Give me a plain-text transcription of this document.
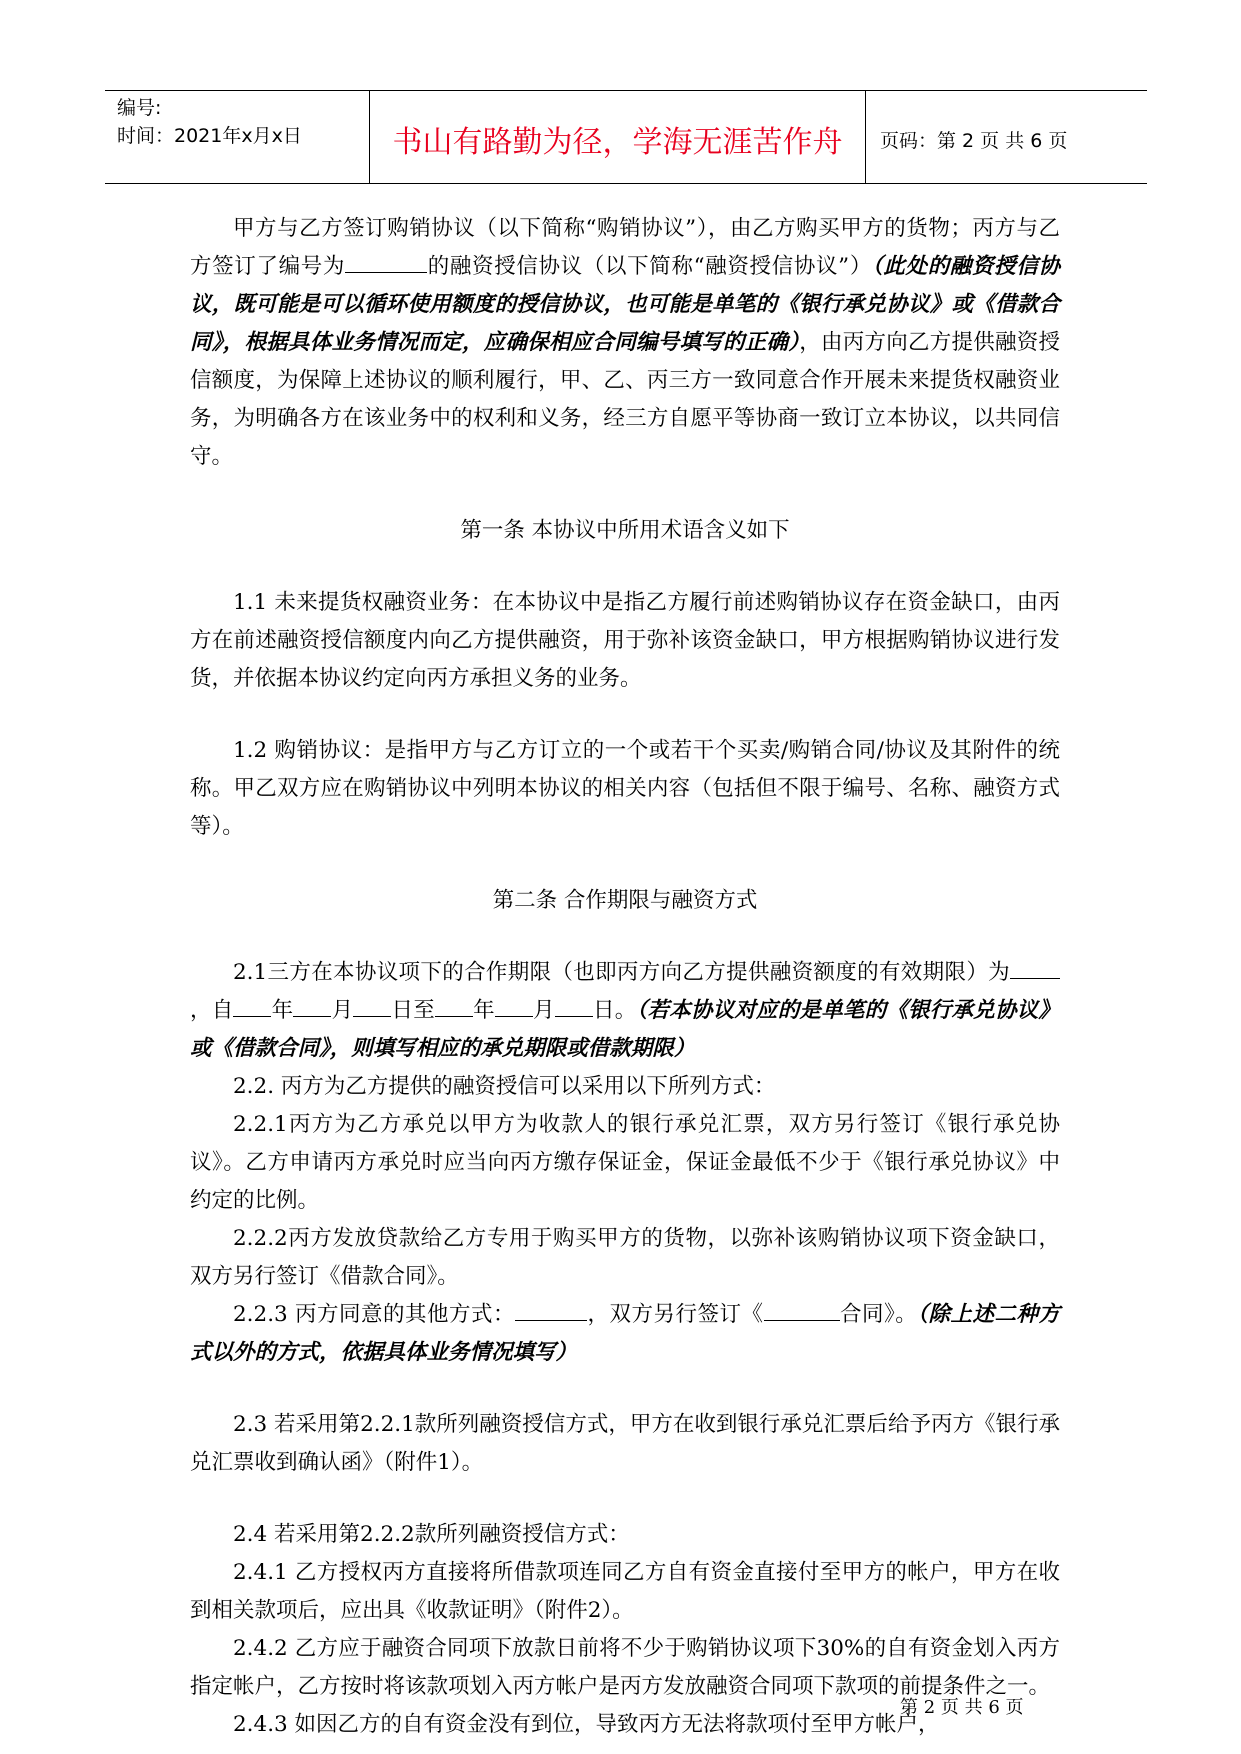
编号:
时间：2021年x月x日	书山有路勤为径，学海无涯苦作舟	页码：第 2 页 共 6 页

甲方与乙方签订购销协议（以下简称“购销协议”），由乙方购买甲方的货物；丙方与乙方签订了编号为	的融资授信协议（以下简称“融资授信协议”）（此处的融资授信协议，既可能是可以循环使用额度的授信协议，也可能是单笔的《银行承兑协议》或《借款合同》，根据具体业务情况而定，应确保相应合同编号填写的正确），由丙方向乙方提供融资授信额度，为保障上述协议的顺利履行，甲、乙、丙三方一致同意合作开展未来提货权融资业务，为明确各方在该业务中的权利和义务，经三方自愿平等协商一致订立本协议，以共同信守。

第一条 本协议中所用术语含义如下

1.1 未来提货权融资业务：在本协议中是指乙方履行前述购销协议存在资金缺口，由丙方在前述融资授信额度内向乙方提供融资，用于弥补该资金缺口，甲方根据购销协议进行发货，并依据本协议约定向丙方承担义务的业务。

1.2 购销协议：是指甲方与乙方订立的一个或若干个买卖/购销合同/协议及其附件的统称。甲乙双方应在购销协议中列明本协议的相关内容（包括但不限于编号、名称、融资方式等）。

第二条 合作期限与融资方式

2.1三方在本协议项下的合作期限（也即丙方向乙方提供融资额度的有效期限）为，自 年 月 日至 年 月 日。（若本协议对应的是单笔的《银行承兑协议》或《借款合同》，则填写相应的承兑期限或借款期限）

2.2. 丙方为乙方提供的融资授信可以采用以下所列方式：

2.2.1丙方为乙方承兑以甲方为收款人的银行承兑汇票，双方另行签订《银行承兑协议》。乙方申请丙方承兑时应当向丙方缴存保证金，保证金最低不少于《银行承兑协议》中约定的比例。

2.2.2丙方发放贷款给乙方专用于购买甲方的货物，以弥补该购销协议项下资金缺口，双方另行签订《借款合同》。

2.2.3 丙方同意的其他方式：	，双方另行签订《	合同》。（除上述二种方式以外的方式，依据具体业务情况填写）

2.3 若采用第2.2.1款所列融资授信方式，甲方在收到银行承兑汇票后给予丙方《银行承兑汇票收到确认函》（附件1）。

2.4 若采用第2.2.2款所列融资授信方式：

2.4.1 乙方授权丙方直接将所借款项连同乙方自有资金直接付至甲方的帐户，甲方在收到相关款项后，应出具《收款证明》（附件2）。

2.4.2 乙方应于融资合同项下放款日前将不少于购销协议项下30%的自有资金划入丙方指定帐户，乙方按时将该款项划入丙方帐户是丙方发放融资合同项下款项的前提条件之一。

2.4.3 如因乙方的自有资金没有到位，导致丙方无法将款项付至甲方帐户，

第 2 页 共 6 页
